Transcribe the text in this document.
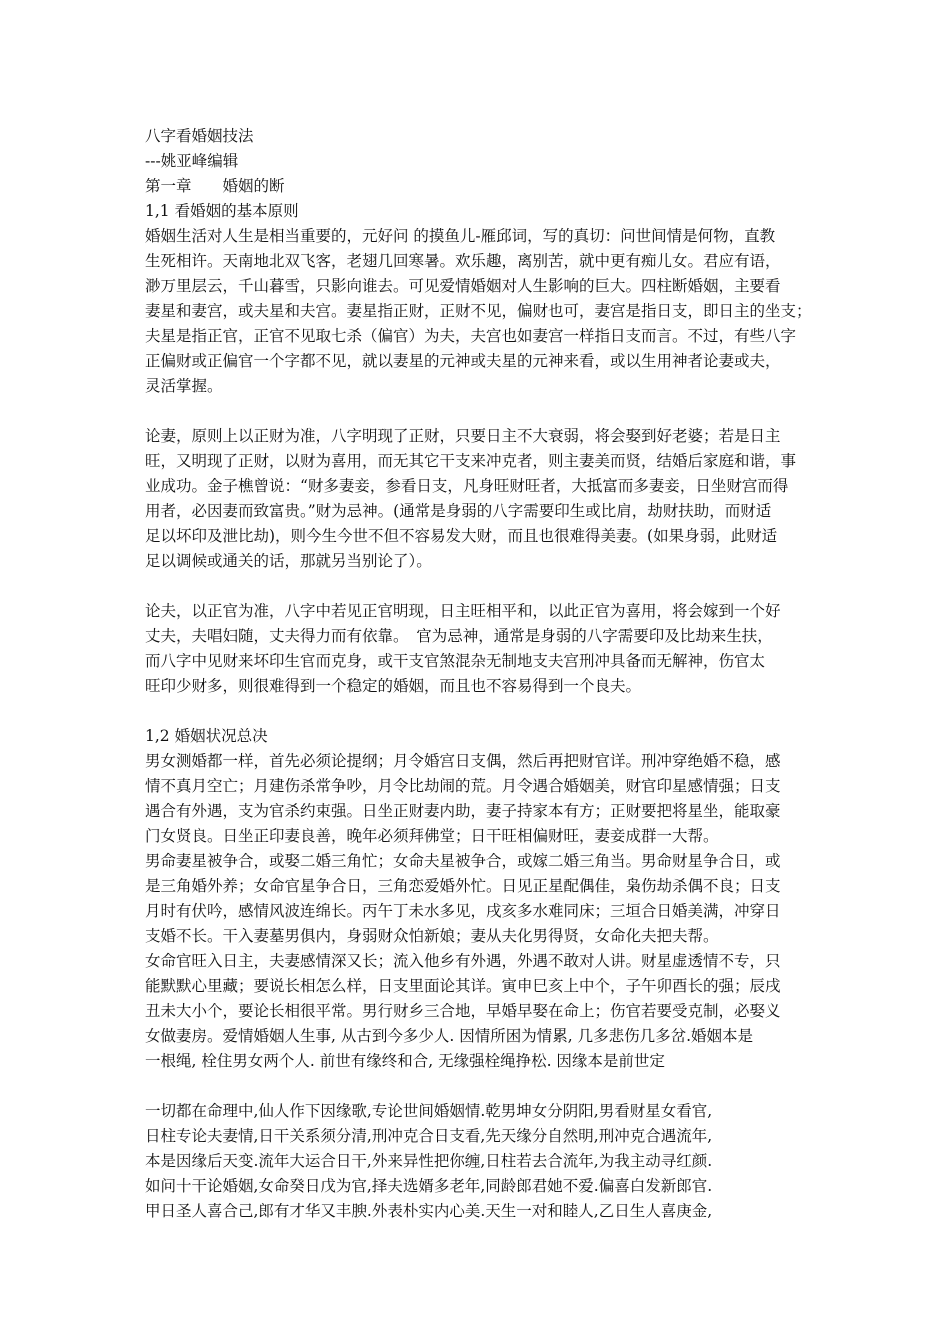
八字看婚姻技法
---姚亚峰编辑
第一章　　婚姻的断
1,1 看婚姻的基本原则
婚姻生活对人生是相当重要的，元好问 的摸鱼儿-雁邱词，写的真切：问世间情是何物，直教
生死相许。天南地北双飞客，老翅几回寒暑。欢乐趣，离别苦，就中更有痴儿女。君应有语，
渺万里层云，千山暮雪，只影向谁去。可见爱情婚姻对人生影响的巨大。四柱断婚姻，主要看
妻星和妻宫，或夫星和夫宫。妻星指正财，正财不见，偏财也可，妻宫是指日支，即日主的坐支；
夫星是指正官，正官不见取七杀（偏官）为夫，夫宫也如妻宫一样指日支而言。不过，有些八字
正偏财或正偏官一个字都不见，就以妻星的元神或夫星的元神来看，或以生用神者论妻或夫，
灵活掌握。
论妻，原则上以正财为准，八字明现了正财，只要日主不大衰弱，将会娶到好老婆；若是日主
旺，又明现了正财，以财为喜用，而无其它干支来冲克者，则主妻美而贤，结婚后家庭和谐，事
业成功。金子樵曾说：“财多妻妾，参看日支，凡身旺财旺者，大抵富而多妻妾，日坐财宫而得
用者，必因妻而致富贵。”财为忌神。(通常是身弱的八字需要印生或比肩，劫财扶助，而财适
足以坏印及泄比劫)，则今生今世不但不容易发大财，而且也很难得美妻。(如果身弱，此财适
足以调候或通关的话，那就另当别论了）。
论夫，以正官为准，八字中若见正官明现，日主旺相平和，以此正官为喜用，将会嫁到一个好
丈夫，夫唱妇随，丈夫得力而有依靠。　官为忌神，通常是身弱的八字需要印及比劫来生扶，
而八字中见财来坏印生官而克身，或干支官煞混杂无制地支夫宫刑冲具备而无解神，伤官太
旺印少财多，则很难得到一个稳定的婚姻，而且也不容易得到一个良夫。
1,2 婚姻状况总决
男女测婚都一样，首先必须论提纲；月令婚宫日支偶，然后再把财官详。刑冲穿绝婚不稳，感
情不真月空亡；月建伤杀常争吵，月令比劫闹的荒。月令遇合婚姻美，财官印星感情强；日支
遇合有外遇，支为官杀约束强。日坐正财妻内助，妻子持家本有方；正财要把将星坐，能取豪
门女贤良。日坐正印妻良善，晚年必须拜佛堂；日干旺相偏财旺，妻妾成群一大帮。
男命妻星被争合，或娶二婚三角忙；女命夫星被争合，或嫁二婚三角当。男命财星争合日，或
是三角婚外养；女命官星争合日，三角恋爱婚外忙。日见正星配偶佳，枭伤劫杀偶不良；日支
月时有伏吟，感情风波连绵长。丙午丁未水多见，戌亥多水难同床；三垣合日婚美满，冲穿日
支婚不长。干入妻墓男俱内，身弱财众怕新娘；妻从夫化男得贤，女命化夫把夫帮。
女命官旺入日主，夫妻感情深又长；流入他乡有外遇，外遇不敢对人讲。财星虚透情不专，只
能默默心里藏；要说长相怎么样，日支里面论其详。寅申巳亥上中个，子午卯酉长的强；辰戌
丑未大小个，要论长相很平常。男行财乡三合地，早婚早娶在命上；伤官若要受克制，必娶义
女做妻房。爱情婚姻人生事, 从古到今多少人. 因情所困为情累, 几多悲伤几多岔.婚姻本是
一根绳, 栓住男女两个人. 前世有缘终和合, 无缘强栓绳挣松. 因缘本是前世定
一切都在命理中,仙人作下因缘歌,专论世间婚姻情.乾男坤女分阴阳,男看财星女看官,
日柱专论夫妻情,日干关系须分清,刑冲克合日支看,先天缘分自然明,刑冲克合遇流年,
本是因缘后天变.流年大运合日干,外来异性把你缠,日柱若去合流年,为我主动寻红颜.
如问十干论婚姻,女命癸日戊为官,择夫选婿多老年,同龄郎君她不爱.偏喜白发新郎官.
甲日圣人喜合己,郎有才华又丰腴.外表朴实内心美.天生一对和睦人,乙日生人喜庚金,
